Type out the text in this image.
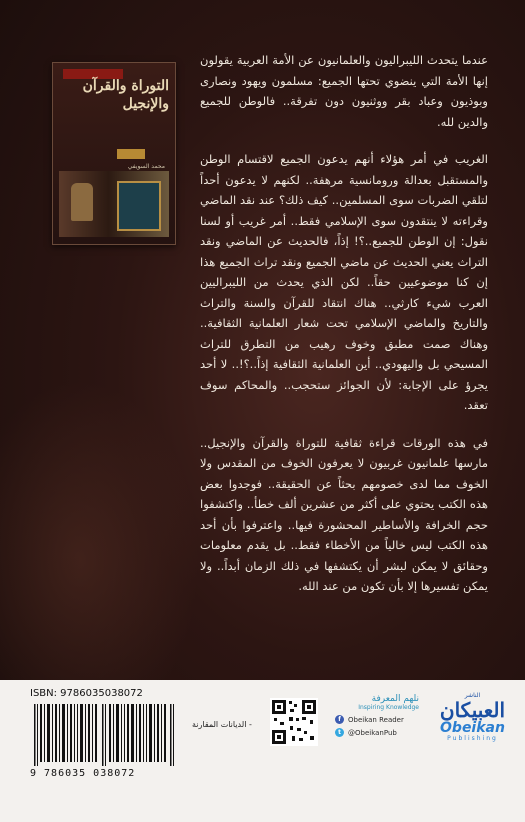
التوراة والقرآن والإنجيل
محمد السويفي

عندما يتحدث الليبراليون والعلمانيون عن الأمة العربية يقولون إنها الأمة التي ينضوي تحتها الجميع: مسلمون ويهود ونصارى وبوذيون وعباد بقر ووثنيون دون تفرقة.. فالوطن للجميع والدين لله.

الغريب في أمر هؤلاء أنهم يدعون الجميع لاقتسام الوطن والمستقبل بعدالة ورومانسية مرهفة.. لكنهم لا يدعون أحداً لتلقي الضربات سوى المسلمين.. كيف ذلك؟ عند نقد الماضي وقراءته لا ينتقدون سوى الإسلامي فقط.. أمر غريب أو لسنا نقول: إن الوطن للجميع..؟! إذاً، فالحديث عن الماضي ونقد التراث يعني الحديث عن ماضي الجميع ونقد تراث الجميع هذا إن كنا موضوعيين حقاً.. لكن الذي يحدث من الليبراليين العرب شيء كارثي.. هناك انتقاد للقرآن والسنة والتراث والتاريخ والماضي الإسلامي تحت شعار العلمانية الثقافية.. وهناك صمت مطبق وخوف رهيب من التطرق للتراث المسيحي بل واليهودي.. أين العلمانية الثقافية إذاً..؟!.. لا أحد يجرؤ على الإجابة: لأن الجوائز ستحجب.. والمحاكم سوف تعقد.

في هذه الورقات قراءة ثقافية للتوراة والقرآن والإنجيل.. مارسها علمانيون غربيون لا يعرفون الخوف من المقدس ولا الخوف مما لدى خصومهم بحثاً عن الحقيقة.. فوجدوا بعض هذه الكتب يحتوي على أكثر من عشرين ألف خطأ.. واكتشفوا حجم الخرافة والأساطير المحشورة فيها.. واعترفوا بأن أحد هذه الكتب ليس خالياً من الأخطاء فقط.. بل يقدم معلومات وحقائق لا يمكن لبشر أن يكتشفها في ذلك الزمان أبداً.. ولا يمكن تفسيرها إلا بأن تكون من عند الله.

ISBN: 9786035038072
9 786035 038072
- الديانات المقارنة
نلهم المعرفة
Inspiring Knowledge
f	Obeikan Reader
t	@ObeikanPub
الناشر
العبيكان
Obeikan
Publishing
